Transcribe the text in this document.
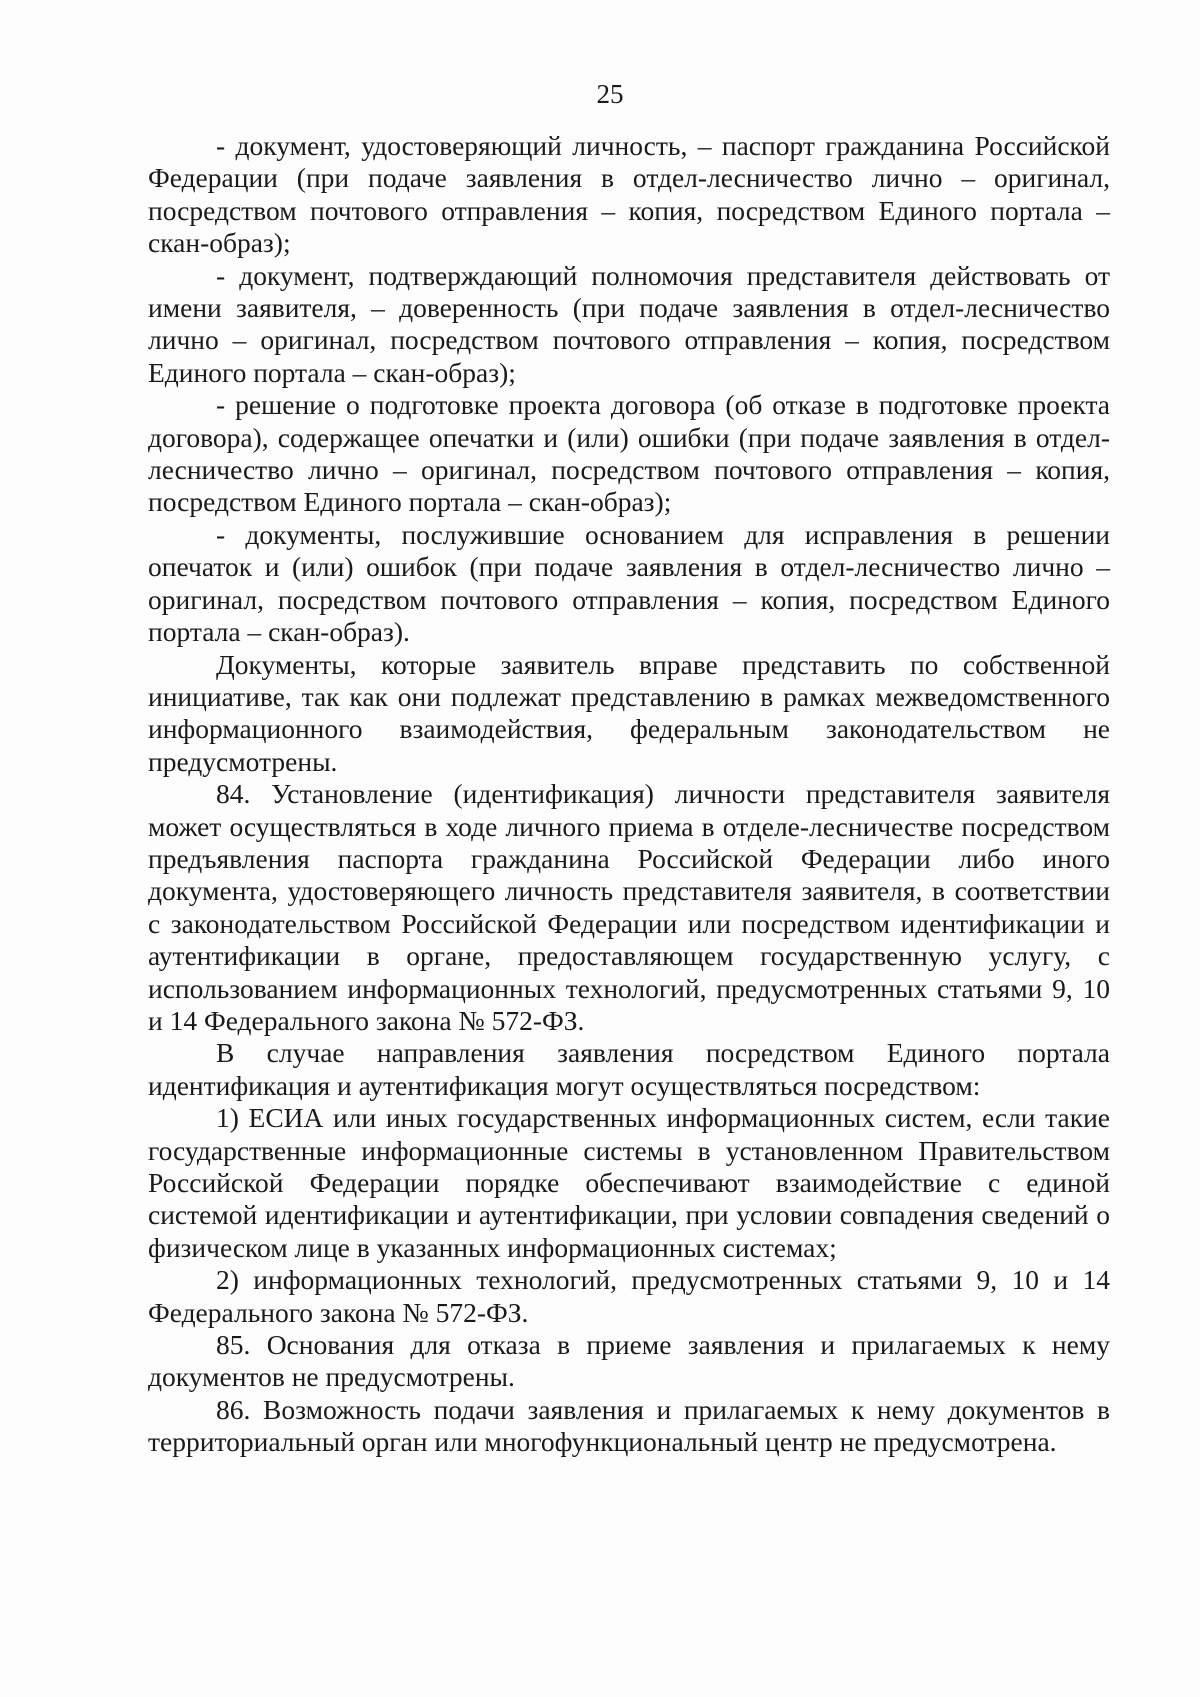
25

- документ, удостоверяющий личность, – паспорт гражданина Российской Федерации (при подаче заявления в отдел-лесничество лично – оригинал, посредством почтового отправления – копия, посредством Единого портала – скан-образ);

- документ, подтверждающий полномочия представителя действовать от имени заявителя, – доверенность (при подаче заявления в отдел-лесничество лично – оригинал, посредством почтового отправления – копия, посредством Единого портала – скан-образ);

- решение о подготовке проекта договора (об отказе в подготовке проекта договора), содержащее опечатки и (или) ошибки (при подаче заявления в отдел-лесничество лично – оригинал, посредством почтового отправления – копия, посредством Единого портала – скан-образ);

- документы, послужившие основанием для исправления в решении опечаток и (или) ошибок (при подаче заявления в отдел-лесничество лично – оригинал, посредством почтового отправления – копия, посредством Единого портала – скан-образ).

Документы, которые заявитель вправе представить по собственной инициативе, так как они подлежат представлению в рамках межведомственного информационного взаимодействия, федеральным законодательством не предусмотрены.

84. Установление (идентификация) личности представителя заявителя может осуществляться в ходе личного приема в отделе-лесничестве посредством предъявления паспорта гражданина Российской Федерации либо иного документа, удостоверяющего личность представителя заявителя, в соответствии с законодательством Российской Федерации или посредством идентификации и аутентификации в органе, предоставляющем государственную услугу, с использованием информационных технологий, предусмотренных статьями 9, 10 и 14 Федерального закона № 572-ФЗ.

В случае направления заявления посредством Единого портала идентификация и аутентификация могут осуществляться посредством:

1) ЕСИА или иных государственных информационных систем, если такие государственные информационные системы в установленном Правительством Российской Федерации порядке обеспечивают взаимодействие с единой системой идентификации и аутентификации, при условии совпадения сведений о физическом лице в указанных информационных системах;

2) информационных технологий, предусмотренных статьями 9, 10 и 14 Федерального закона № 572-ФЗ.

85. Основания для отказа в приеме заявления и прилагаемых к нему документов не предусмотрены.

86. Возможность подачи заявления и прилагаемых к нему документов в территориальный орган или многофункциональный центр не предусмотрена.
